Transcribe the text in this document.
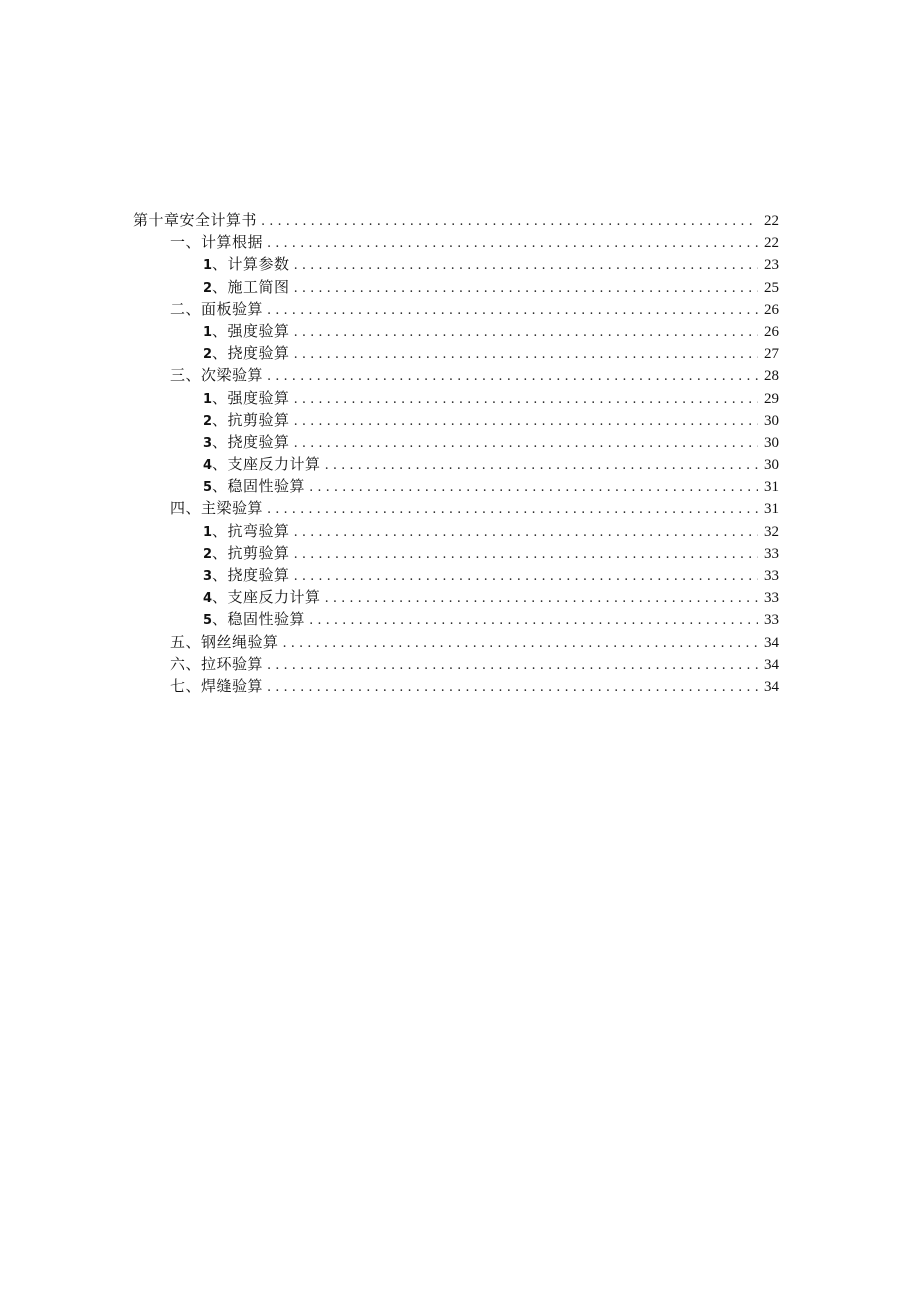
第十章安全计算书 . . .	22
一、计算根据 . . .	22
1 、计算参数 . . .	23
2 、施工简图 . . .	25
二、面板验算 . . .	26
1 、强度验算 . . .	26
2 、挠度验算 . . .	27
三、次梁验算 . . .	28
1 、强度验算 . . .	29
2 、抗剪验算 . . .	30
3 、挠度验算 . . .	30
4 、支座反力计算 . . .	30
5 、稳固性验算 . . .	31
四、主梁验算 . . .	31
1 、抗弯验算 . . .	32
2 、抗剪验算 . . .	33
3 、挠度验算 . . .	33
4 、支座反力计算 . . .	33
5 、稳固性验算 . . .	33
五、钢丝绳验算 . . .	34
六、拉环验算 . . .	34
七、焊缝验算 . . .	34
